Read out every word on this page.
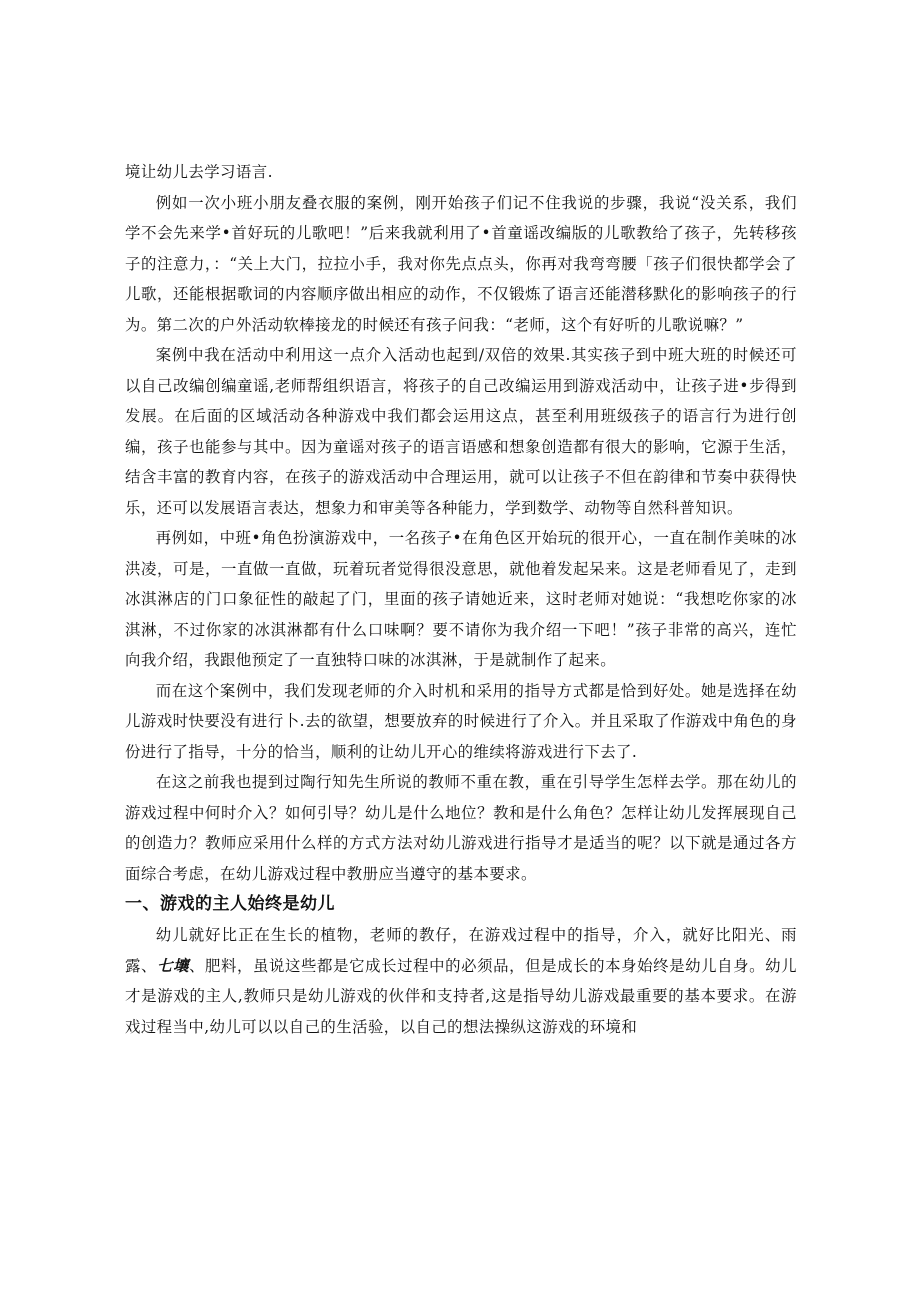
境让幼儿去学习语言.

例如一次小班小朋友叠衣服的案例，刚开始孩子们记不住我说的步骤，我说“没关系，我们学不会先来学•首好玩的儿歌吧！”后来我就利用了•首童谣改编版的儿歌教给了孩子，先转移孩子的注意力，：“关上大门，拉拉小手，我对你先点点头，你再对我弯弯腰「孩子们很快都学会了儿歌，还能根据歌词的内容顺序做出相应的动作，不仅锻炼了语言还能潜移默化的影响孩子的行为。第二次的户外活动软棒接龙的时候还有孩子问我：“老师，这个有好听的儿歌说嘛？”

案例中我在活动中利用这一点介入活动也起到/双倍的效果.其实孩子到中班大班的时候还可以自己改编创编童谣,老师帮组织语言，将孩子的自己改编运用到游戏活动中，让孩子进•步得到发展。在后面的区域活动各种游戏中我们都会运用这点，甚至利用班级孩子的语言行为进行创编，孩子也能参与其中。因为童谣对孩子的语言语感和想象创造都有很大的影响，它源于生活，结含丰富的教育内容，在孩子的游戏活动中合理运用，就可以让孩子不但在韵律和节奏中获得快乐，还可以发展语言表达，想象力和审美等各种能力，学到数学、动物等自然科普知识。

再例如，中班•角色扮演游戏中，一名孩子•在角色区开始玩的很开心，一直在制作美味的冰洪凌，可是，一直做一直做，玩着玩者觉得很没意思，就他着发起呆来。这是老师看见了，走到冰淇淋店的门口象征性的敲起了门，里面的孩子请她近来，这时老师对她说：“我想吃你家的冰淇淋，不过你家的冰淇淋都有什么口味啊？要不请你为我介绍一下吧！”孩子非常的高兴，连忙向我介绍，我跟他预定了一直独特口味的冰淇淋，于是就制作了起来。

而在这个案例中，我们发现老师的介入时机和采用的指导方式都是恰到好处。她是选择在幼儿游戏时快要没有进行卜.去的欲望，想要放弃的时候进行了介入。并且采取了作游戏中角色的身份进行了指导，十分的恰当，顺利的让幼儿开心的维续将游戏进行下去了.

在这之前我也提到过陶行知先生所说的教师不重在教，重在引导学生怎样去学。那在幼儿的游戏过程中何时介入？如何引导？幼儿是什么地位？教和是什么角色？怎样让幼儿发挥展现自己的创造力？教师应采用什么样的方式方法对幼儿游戏进行指导才是适当的呢？以下就是通过各方面综合考虑，在幼儿游戏过程中教册应当遵守的基本要求。

一、游戏的主人始终是幼儿

幼儿就好比正在生长的植物，老师的教仔，在游戏过程中的指导，介入，就好比阳光、雨露、七壤、肥料，虽说这些都是它成长过程中的必须品，但是成长的本身始终是幼儿自身。幼儿才是游戏的主人,教师只是幼儿游戏的伙伴和支持者,这是指导幼儿游戏最重要的基本要求。在游戏过程当中,幼儿可以以自己的生活验，以自己的想法操纵这游戏的环境和
